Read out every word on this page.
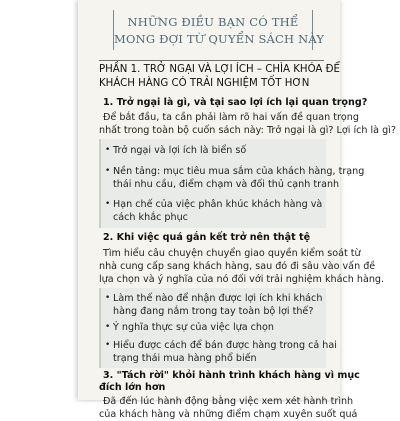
NHỮNG ĐIỀU BẠN CÓ THỂ
MONG ĐỢI TỪ QUYỂN SÁCH NÀY
PHẦN 1. TRỞ NGẠI VÀ LỢI ÍCH – CHÌA KHÓA ĐỂ
KHÁCH HÀNG CÓ TRẢI NGHIỆM TỐT HƠN
1. Trở ngại là gì, và tại sao lợi ích lại quan trọng?
Để bắt đầu, ta cần phải làm rõ hai vấn đề quan trọng
nhất trong toàn bộ cuốn sách này: Trở ngại là gì? Lợi ích là gì?
• Trở ngại và lợi ích là biển số
• Nền tảng: mục tiêu mua sắm của khách hàng, trạng
thái nhu cầu, điểm chạm và đối thủ cạnh tranh
• Hạn chế của việc phân khúc khách hàng và
cách khắc phục
2. Khi việc quá gắn kết trở nên thật tệ
Tìm hiểu câu chuyện chuyển giao quyền kiểm soát từ
nhà cung cấp sang khách hàng, sau đó đi sâu vào vấn đề
lựa chọn và ý nghĩa của nó đối với trải nghiệm khách hàng.
• Làm thế nào để nhận được lợi ích khi khách
hàng đang nắm trong tay toàn bộ lợi thế?
• Ý nghĩa thực sự của việc lựa chọn
• Hiểu được cách để bán được hàng trong cả hai
trạng thái mua hàng phổ biến
3. "Tách rời" khỏi hành trình khách hàng vì mục
đích lớn hơn
Đã đến lúc hành động bằng việc xem xét hành trình
của khách hàng và những điểm chạm xuyên suốt quá
